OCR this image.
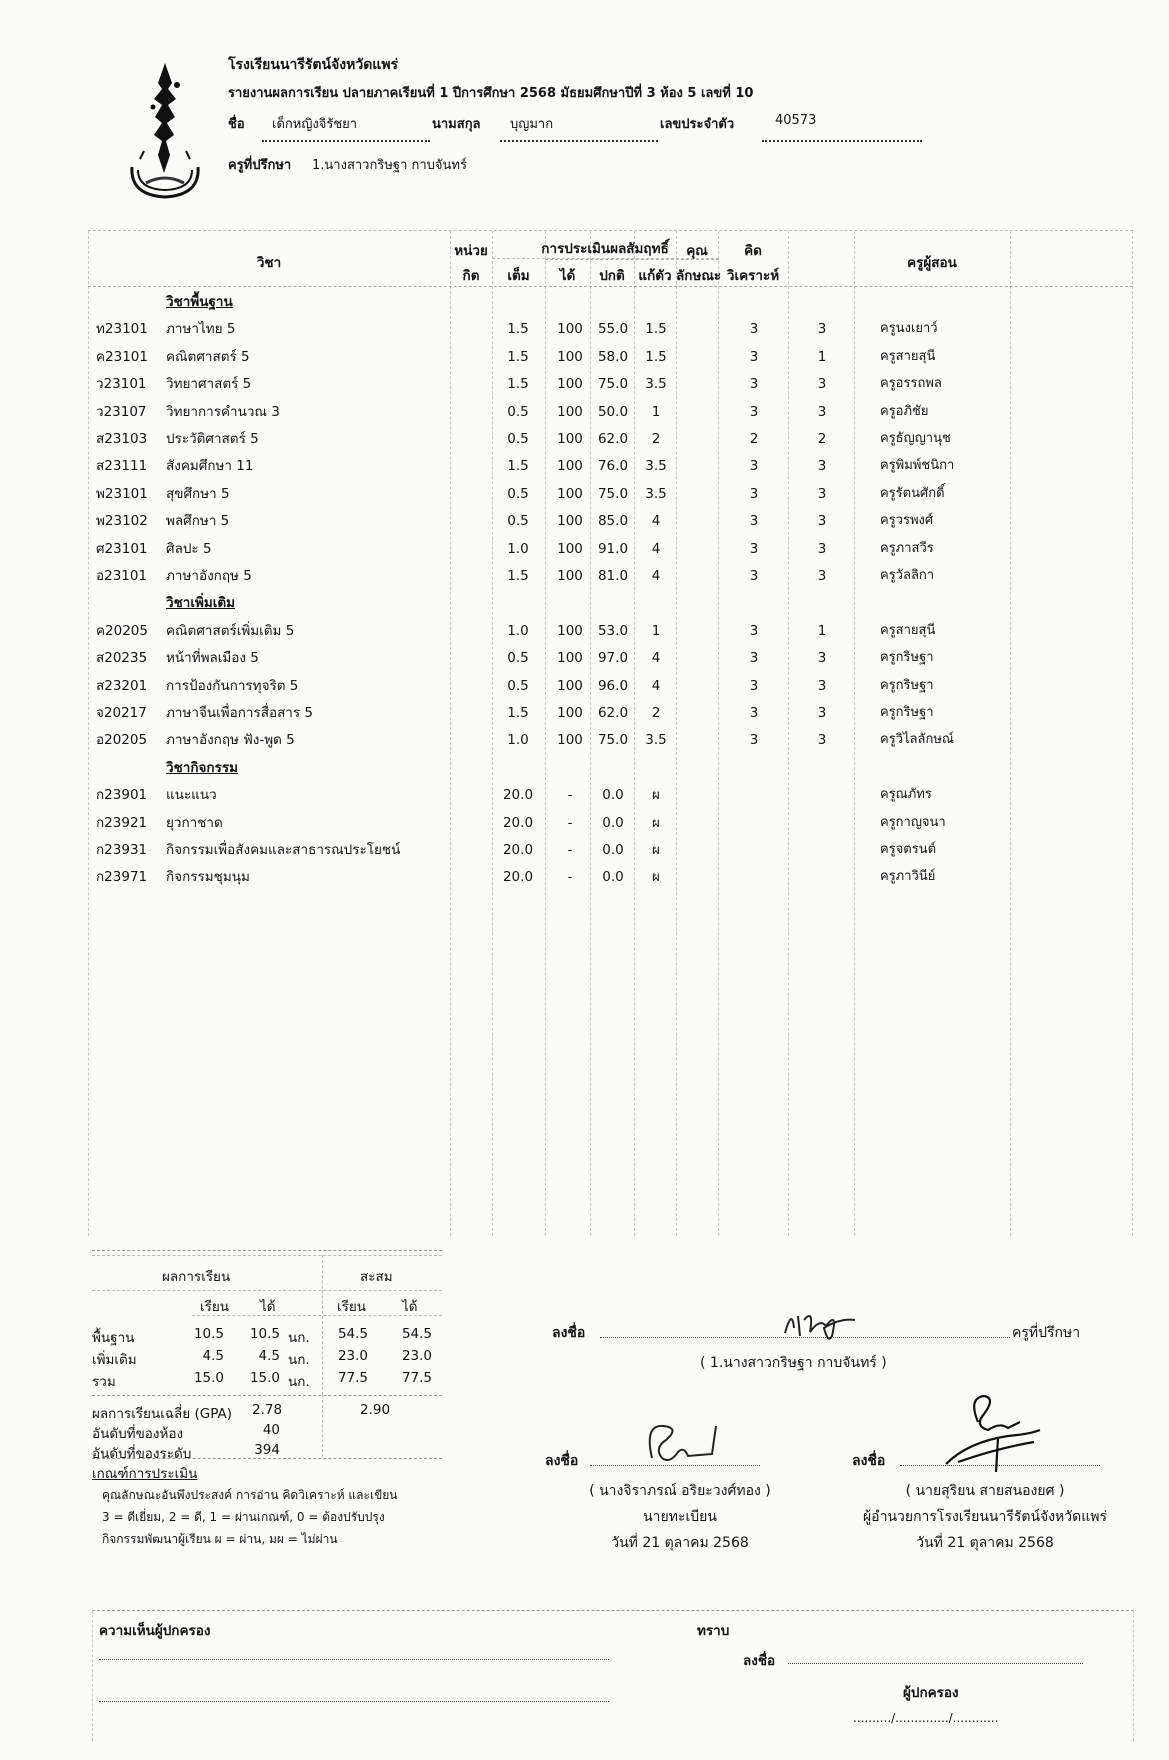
โรงเรียนนารีรัตน์จังหวัดแพร่
รายงานผลการเรียน ปลายภาคเรียนที่ 1 ปีการศึกษา 2568 มัธยมศึกษาปีที่ 3 ห้อง 5 เลขที่ 10
ชื่อ เด็กหญิงจิรัชยา	นามสกุล บุญมาก	เลขประจำตัว	40573
ครูที่ปรึกษา 1.นางสาวกริษฐา กาบจันทร์
วิชา
หน่วย
กิต
การประเมินผลสัมฤทธิ์
เต็ม	ได้	ปกติ	แก้ตัว
คุณ
ลักษณะ
คิด
วิเคราะห์
ครูผู้สอน
วิชาพื้นฐาน
ท23101 ภาษาไทย 5	1.5	100	55.0	1.5	3	3	ครูนงเยาว์
ค23101 คณิตศาสตร์ 5	1.5	100	58.0	1.5	3	1	ครูสายสุนี
ว23101 วิทยาศาสตร์ 5	1.5	100	75.0	3.5	3	3	ครูอรรถพล
ว23107 วิทยาการคำนวณ 3	0.5	100	50.0	1	3	3	ครูอภิชัย
ส23103 ประวัติศาสตร์ 5	0.5	100	62.0	2	2	2	ครูธัญญานุช
ส23111 สังคมศึกษา 11	1.5	100	76.0	3.5	3	3	ครูพิมพ์ชนิกา
พ23101 สุขศึกษา 5	0.5	100	75.0	3.5	3	3	ครูรัตนศักดิ์
พ23102 พลศึกษา 5	0.5	100	85.0	4	3	3	ครูวรพงศ์
ศ23101 ศิลปะ 5	1.0	100	91.0	4	3	3	ครูภาสวีร
อ23101 ภาษาอังกฤษ 5	1.5	100	81.0	4	3	3	ครูวัลลิกา
วิชาเพิ่มเติม
ค20205 คณิตศาสตร์เพิ่มเติม 5	1.0	100	53.0	1	3	1	ครูสายสุนี
ส20235 หน้าที่พลเมือง 5	0.5	100	97.0	4	3	3	ครูกริษฐา
ส23201 การป้องกันการทุจริต 5	0.5	100	96.0	4	3	3	ครูกริษฐา
จ20217 ภาษาจีนเพื่อการสื่อสาร 5	1.5	100	62.0	2	3	3	ครูกริษฐา
อ20205 ภาษาอังกฤษ ฟัง-พูด 5	1.0	100	75.0	3.5	3	3	ครูวิไลลักษณ์
วิชากิจกรรม
ก23901 แนะแนว	20.0	-	0.0	ผ	ครูณภัทร
ก23921 ยุวกาชาด	20.0	-	0.0	ผ	ครูกาญจนา
ก23931 กิจกรรมเพื่อสังคมและสาธารณประโยชน์	20.0	-	0.0	ผ	ครูจตรนต์
ก23971 กิจกรรมชุมนุม	20.0	-	0.0	ผ	ครูภาวินีย์
ผลการเรียน	สะสม
เรียน ได้	เรียน	ได้
พื้นฐาน	10.5	10.5 นก.	54.5	54.5
เพิ่มเติม	4.5	4.5 นก.	23.0	23.0
รวม	15.0	15.0 นก.	77.5	77.5
ผลการเรียนเฉลี่ย (GPA) 2.78	2.90
อันดับที่ของห้อง	40
อันดับที่ของระดับ	394
เกณฑ์การประเมิน
คุณลักษณะอันพึงประสงค์ การอ่าน คิดวิเคราะห์ และเขียน
3 = ดีเยี่ยม, 2 = ดี, 1 = ผ่านเกณฑ์, 0 = ต้องปรับปรุง
กิจกรรมพัฒนาผู้เรียน ผ = ผ่าน, มผ = ไม่ผ่าน
ลงชื่อ	ครูที่ปรึกษา
( 1.นางสาวกริษฐา กาบจันทร์ )
ลงชื่อ
( นางจิราภรณ์ อริยะวงศ์ทอง )
นายทะเบียน
วันที่ 21 ตุลาคม 2568
ลงชื่อ
( นายสุริยน สายสนองยศ )
ผู้อำนวยการโรงเรียนนารีรัตน์จังหวัดแพร่
วันที่ 21 ตุลาคม 2568
ความเห็นผู้ปกครอง	ทราบ
ลงชื่อ
ผู้ปกครอง
........../............../............
